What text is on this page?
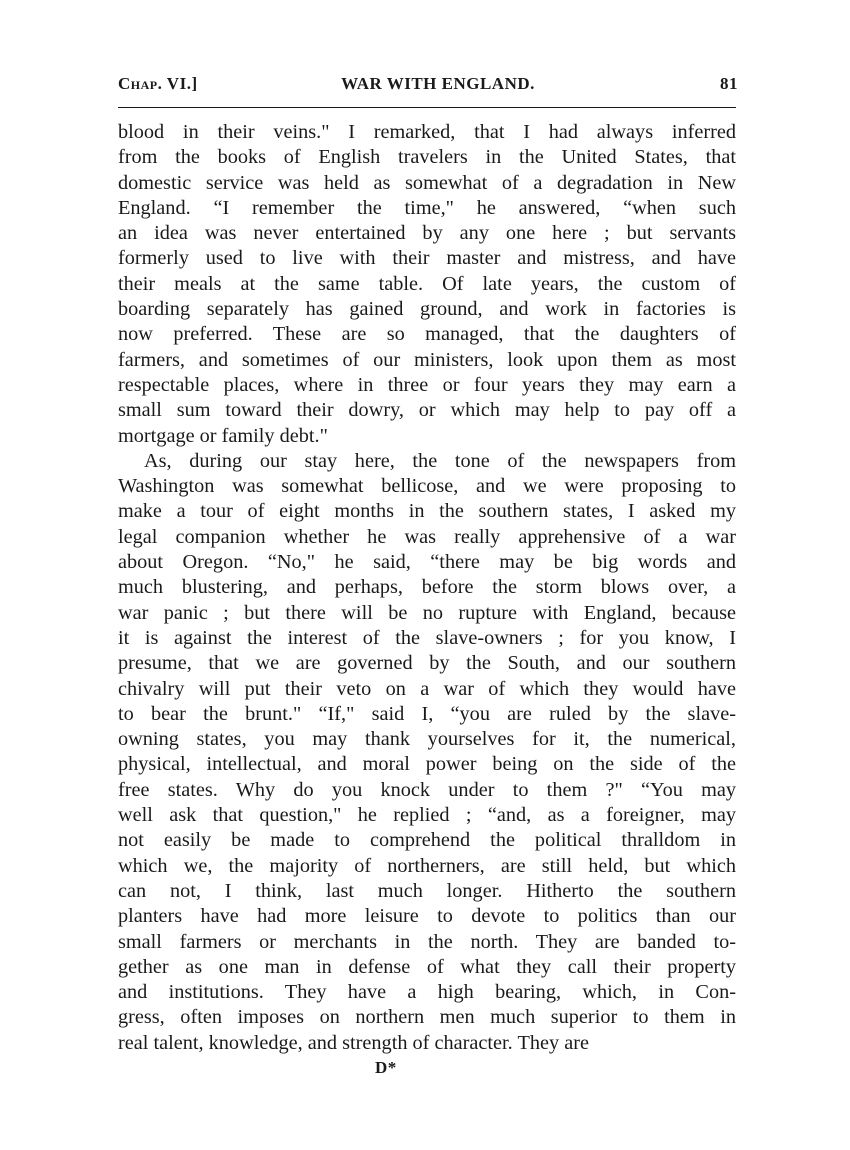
Chap. VI.]	WAR WITH ENGLAND.	81
blood in their veins." I remarked, that I had always inferred
from the books of English travelers in the United States, that
domestic service was held as somewhat of a degradation in New
England. “I remember the time," he answered, “when such
an idea was never entertained by any one here ; but servants
formerly used to live with their master and mistress, and have
their meals at the same table. Of late years, the custom of
boarding separately has gained ground, and work in factories is
now preferred. These are so managed, that the daughters of
farmers, and sometimes of our ministers, look upon them as most
respectable places, where in three or four years they may earn a
small sum toward their dowry, or which may help to pay off a
mortgage or family debt."
As, during our stay here, the tone of the newspapers from
Washington was somewhat bellicose, and we were proposing to
make a tour of eight months in the southern states, I asked my
legal companion whether he was really apprehensive of a war
about Oregon. “No," he said, “there may be big words and
much blustering, and perhaps, before the storm blows over, a
war panic ; but there will be no rupture with England, because
it is against the interest of the slave-owners ; for you know, I
presume, that we are governed by the South, and our southern
chivalry will put their veto on a war of which they would have
to bear the brunt." “If," said I, “you are ruled by the slave-
owning states, you may thank yourselves for it, the numerical,
physical, intellectual, and moral power being on the side of the
free states. Why do you knock under to them ?" “You may
well ask that question," he replied ; “and, as a foreigner, may
not easily be made to comprehend the political thralldom in
which we, the majority of northerners, are still held, but which
can not, I think, last much longer. Hitherto the southern
planters have had more leisure to devote to politics than our
small farmers or merchants in the north. They are banded to-
gether as one man in defense of what they call their property
and institutions. They have a high bearing, which, in Con-
gress, often imposes on northern men much superior to them in
real talent, knowledge, and strength of character. They are
D*
